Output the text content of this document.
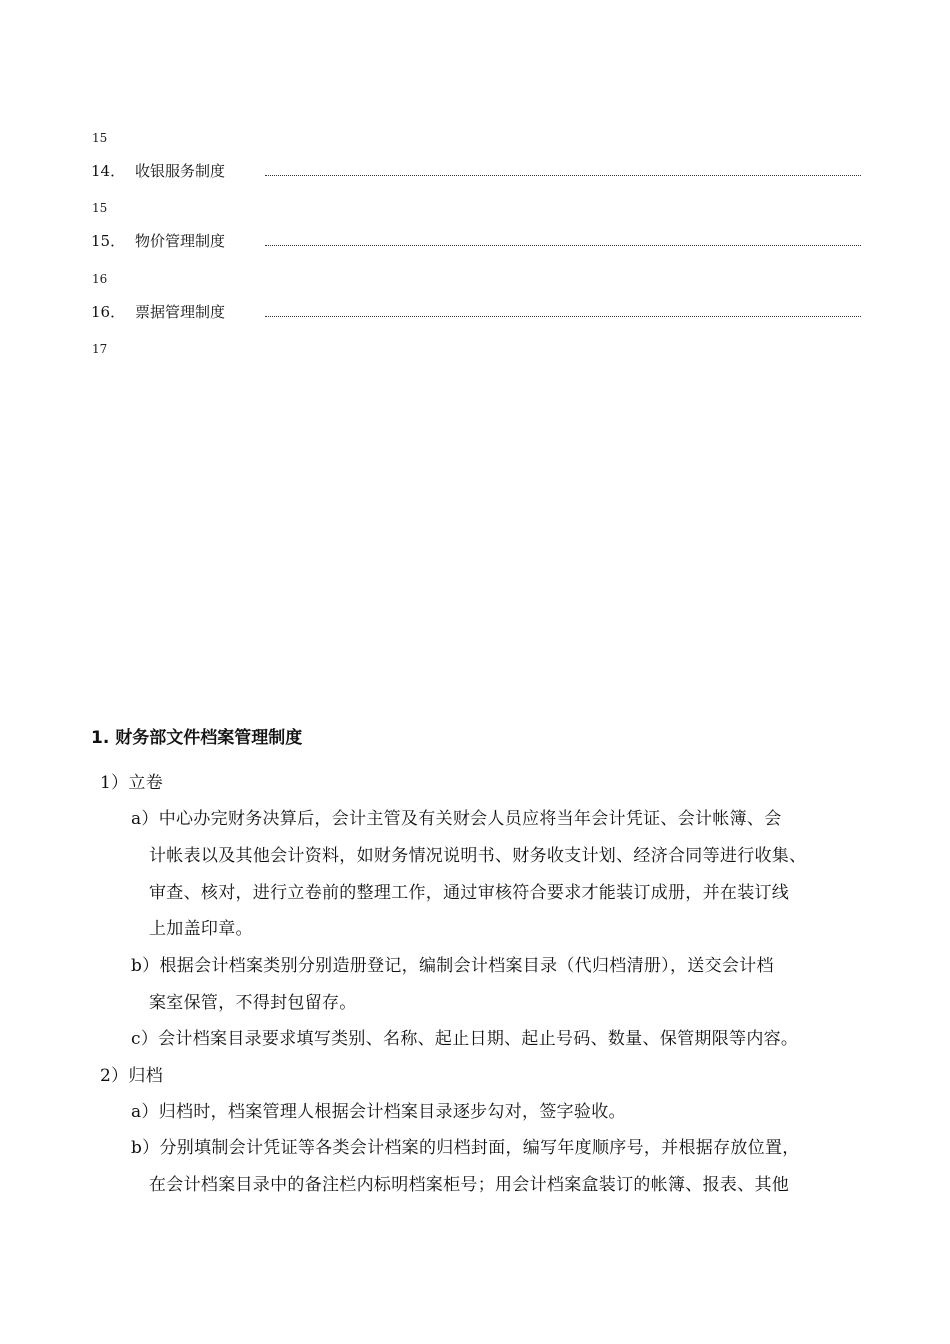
15
14． 收银服务制度
15
15． 物价管理制度
16
16． 票据管理制度
17
1. 财务部文件档案管理制度
1）立卷
a）中心办完财务决算后，会计主管及有关财会人员应将当年会计凭证、会计帐簿、会
计帐表以及其他会计资料，如财务情况说明书、财务收支计划、经济合同等进行收集、
审查、核对，进行立卷前的整理工作，通过审核符合要求才能装订成册，并在装订线
上加盖印章。
b）根据会计档案类别分别造册登记，编制会计档案目录（代归档清册），送交会计档
案室保管，不得封包留存。
c）会计档案目录要求填写类别、名称、起止日期、起止号码、数量、保管期限等内容。
2）归档
a）归档时，档案管理人根据会计档案目录逐步勾对，签字验收。
b）分别填制会计凭证等各类会计档案的归档封面，编写年度顺序号，并根据存放位置，
在会计档案目录中的备注栏内标明档案柜号；用会计档案盒装订的帐簿、报表、其他
